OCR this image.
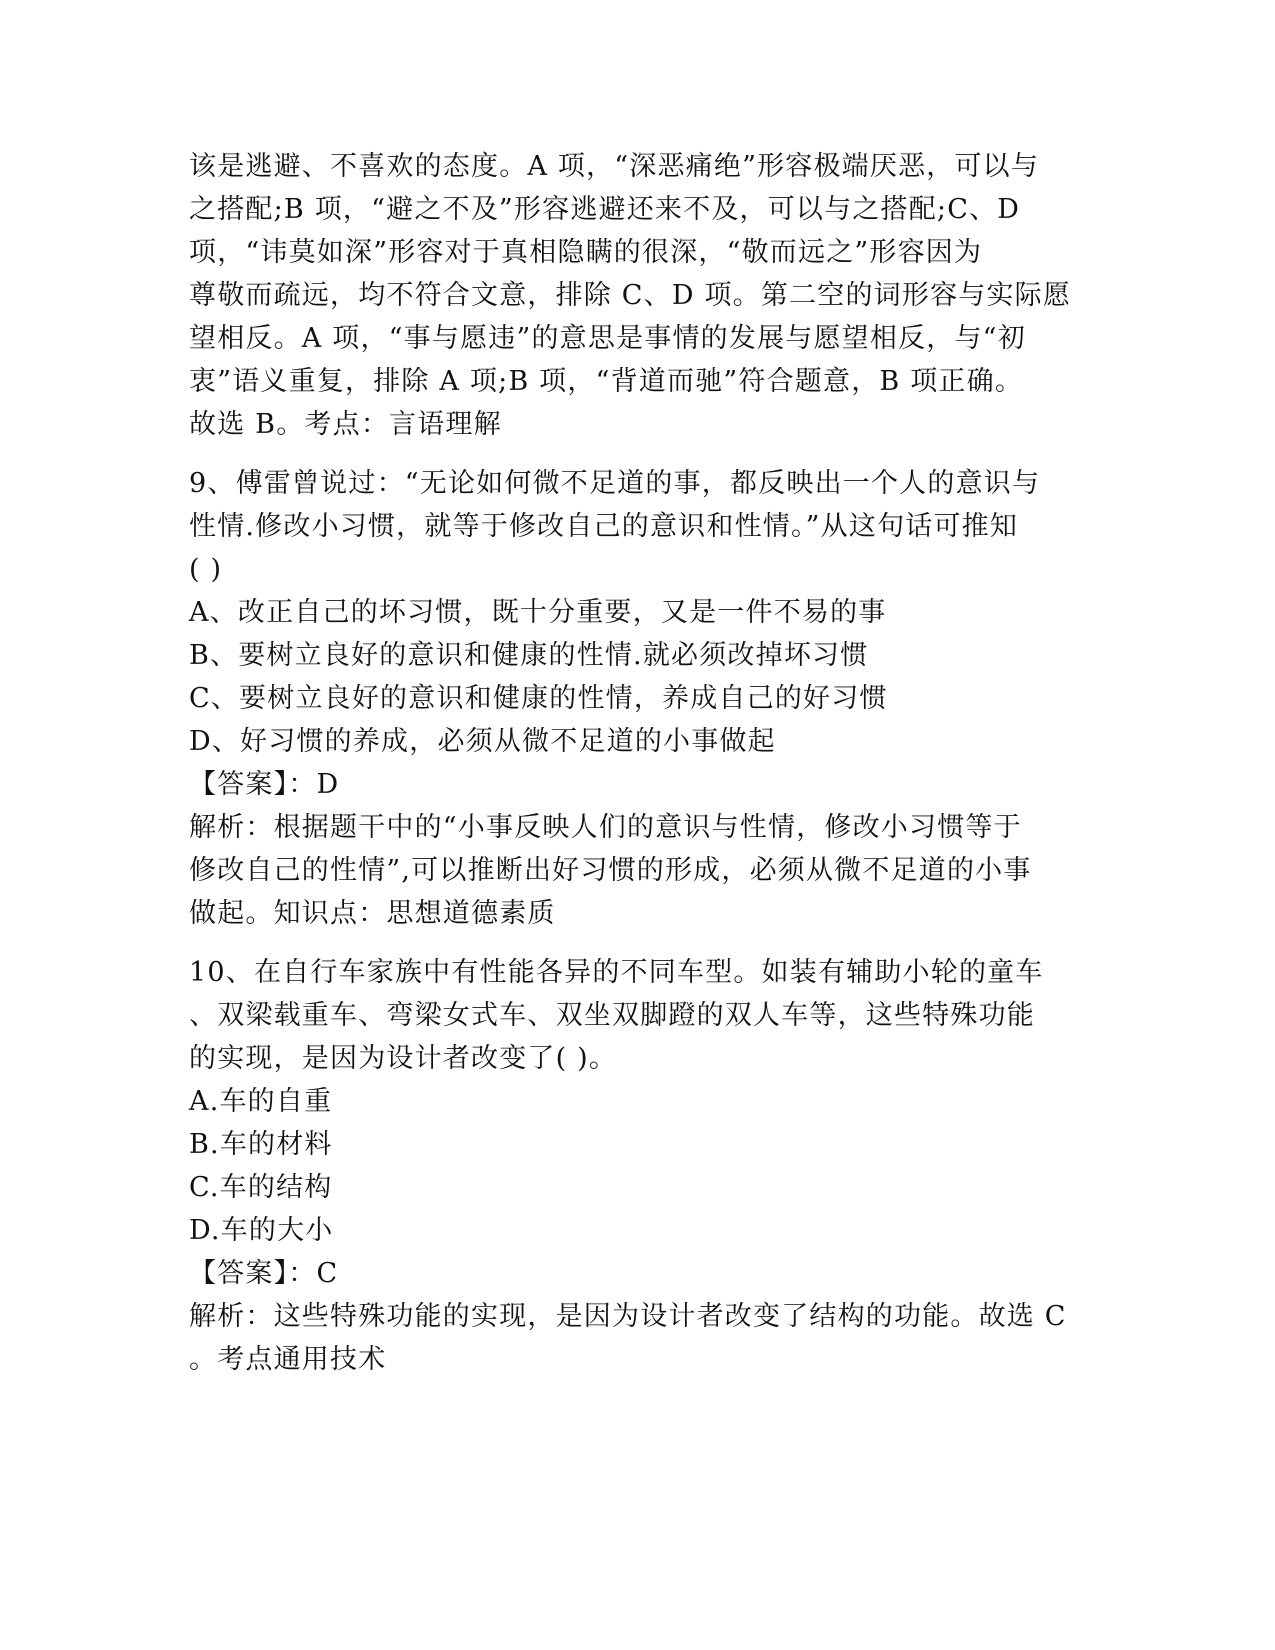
该是逃避、不喜欢的态度。A 项，“深恶痛绝”形容极端厌恶，可以与
之搭配;B 项，“避之不及”形容逃避还来不及，可以与之搭配;C、D
项，“讳莫如深”形容对于真相隐瞒的很深，“敬而远之”形容因为
尊敬而疏远，均不符合文意，排除 C、D 项。第二空的词形容与实际愿
望相反。A 项，“事与愿违”的意思是事情的发展与愿望相反，与“初
衷”语义重复，排除 A 项;B 项，“背道而驰”符合题意，B 项正确。
故选 B。考点：言语理解
9、傅雷曾说过：“无论如何微不足道的事，都反映出一个人的意识与
性情.修改小习惯，就等于修改自己的意识和性情。”从这句话可推知
( )
A、改正自己的坏习惯，既十分重要，又是一件不易的事
B、要树立良好的意识和健康的性情.就必须改掉坏习惯
C、要树立良好的意识和健康的性情，养成自己的好习惯
D、好习惯的养成，必须从微不足道的小事做起
【答案】：D
解析：根据题干中的“小事反映人们的意识与性情，修改小习惯等于
修改自己的性情”,可以推断出好习惯的形成，必须从微不足道的小事
做起。知识点：思想道德素质
10、在自行车家族中有性能各异的不同车型。如装有辅助小轮的童车
、双梁载重车、弯梁女式车、双坐双脚蹬的双人车等，这些特殊功能
的实现，是因为设计者改变了( )。
A.车的自重
B.车的材料
C.车的结构
D.车的大小
【答案】：C
解析：这些特殊功能的实现，是因为设计者改变了结构的功能。故选 C
。考点通用技术
